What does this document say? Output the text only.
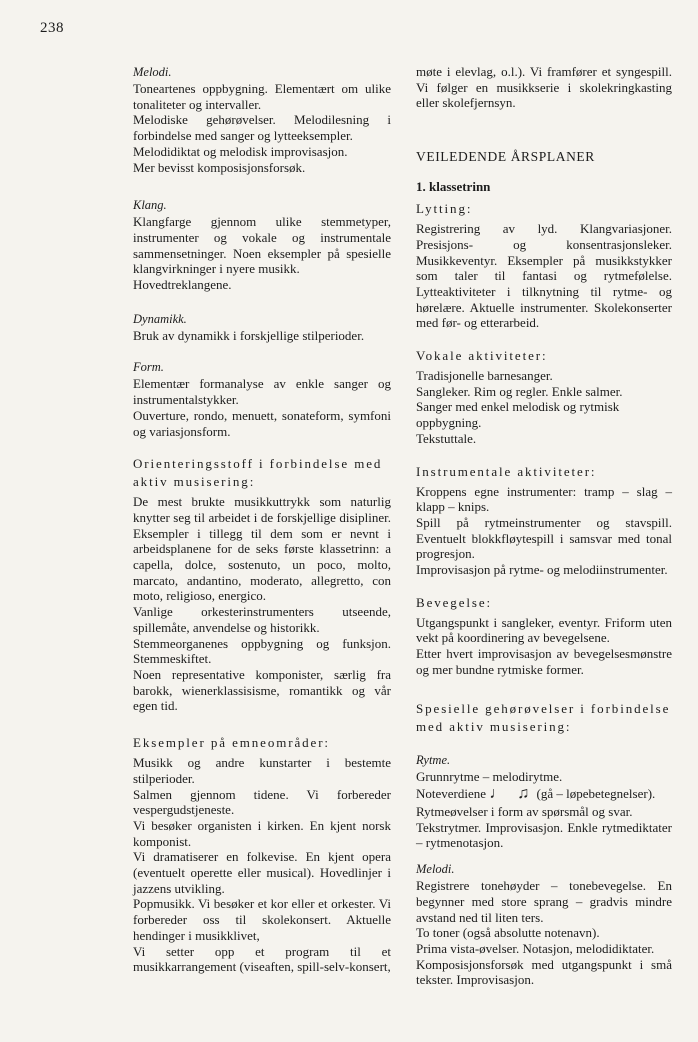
238

Melodi.

Toneartenes oppbygning. Elementært om ulike tonaliteter og intervaller.

Melodiske gehørøvelser. Melodilesning i forbindelse med sanger og lytteeksempler.

Melodidiktat og melodisk improvisasjon.

Mer bevisst komposisjonsforsøk.

Klang.

Klangfarge gjennom ulike stemmetyper, instrumenter og vokale og instrumentale sammensetninger. Noen eksempler på spesielle klangvirkninger i nyere musikk.

Hovedtreklangene.

Dynamikk.

Bruk av dynamikk i forskjellige stilperioder.

Form.

Elementær formanalyse av enkle sanger og instrumentalstykker.

Ouverture, rondo, menuett, sonateform, symfoni og variasjonsform.

Orienteringsstoff i forbindelse med aktiv musisering:

De mest brukte musikkuttrykk som naturlig knytter seg til arbeidet i de forskjellige disipliner. Eksempler i tillegg til dem som er nevnt i arbeidsplanene for de seks første klassetrinn: a capella, dolce, sostenuto, un poco, molto, marcato, andantino, moderato, allegretto, con moto, religioso, energico.

Vanlige orkesterinstrumenters utseende, spillemåte, anvendelse og historikk.

Stemmeorganenes oppbygning og funksjon. Stemmeskiftet.

Noen representative komponister, særlig fra barokk, wienerklassisisme, romantikk og vår egen tid.

Eksempler på emneområder:

Musikk og andre kunstarter i bestemte stilperioder.

Salmen gjennom tidene. Vi forbereder vespergudstjeneste.

Vi besøker organisten i kirken. En kjent norsk komponist.

Vi dramatiserer en folkevise. En kjent opera (eventuelt operette eller musical). Hovedlinjer i jazzens utvikling.

Popmusikk. Vi besøker et kor eller et orkester. Vi forbereder oss til skolekonsert. Aktuelle hendinger i musikklivet,

Vi setter opp et program til et musikkarrangement (viseaften, spill-selv-konsert,

møte i elevlag, o.l.). Vi framfører et syngespill. Vi følger en musikkserie i skolekringkasting eller skolefjernsyn.

VEILEDENDE ÅRSPLANER

1. klassetrinn

Lytting:

Registrering av lyd. Klangvariasjoner. Presisjons- og konsentrasjonsleker. Musikkeventyr. Eksempler på musikkstykker som taler til fantasi og rytmefølelse. Lytteaktiviteter i tilknytning til rytme- og hørelære. Aktuelle instrumenter. Skolekonserter med før- og etterarbeid.

Vokale aktiviteter:

Tradisjonelle barnesanger.

Sangleker. Rim og regler. Enkle salmer.

Sanger med enkel melodisk og rytmisk oppbygning.

Tekstuttale.

Instrumentale aktiviteter:

Kroppens egne instrumenter: tramp – slag – klapp – knips.

Spill på rytmeinstrumenter og stavspill. Eventuelt blokkfløytespill i samsvar med tonal progresjon.

Improvisasjon på rytme- og melodiinstrumenter.

Bevegelse:

Utgangspunkt i sangleker, eventyr. Friform uten vekt på koordinering av bevegelsene.

Etter hvert improvisasjon av bevegelsesmønstre og mer bundne rytmiske former.

Spesielle gehørøvelser i forbindelse med aktiv musisering:

Rytme.

Grunnrytme – melodirytme.

Noteverdiene ♩ ♫ (gå – løpebetegnelser).

Rytmeøvelser i form av spørsmål og svar.

Tekstrytmer. Improvisasjon. Enkle rytmediktater – rytmenotasjon.

Melodi.

Registrere tonehøyder – tonebevegelse. En begynner med store sprang – gradvis mindre avstand ned til liten ters.

To toner (også absolutte notenavn).

Prima vista-øvelser. Notasjon, melodidiktater.

Komposisjonsforsøk med utgangspunkt i små tekster. Improvisasjon.
